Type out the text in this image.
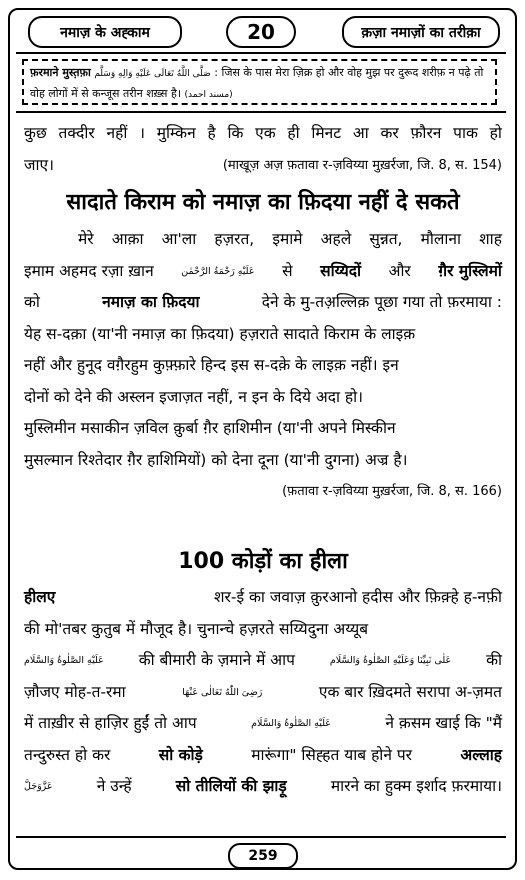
नमाज़ के अह्काम	20	क़ज़ा नमाज़ों का तरीक़ा
फ़रमाने मुस्त़फ़ा صَلَّى اللَّهُ تَعَالَى عَلَيْهِ وَالِهِ وَسَلَّم : जिस के पास मेरा ज़िक्र हो और वोह मुझ पर दुरूद शरीफ़ न पढ़े तो
वोह लोगों में से कन्जूस तरीन शख़्स है। (مسند احمد)
कुछ तक्दीर नहीं । मुम्किन है कि एक ही मिनट आ कर फ़ौरन पाक हो
जाए।	(माखूज़ अज़ फ़तावा र-ज़विय्या मुख़र्रजा, जि. 8, स. 154)
सादाते किराम को नमाज़ का फ़िदया नहीं दे सकते
मेरे आक़ा आ'ला हज़रत, इमामे अहले सुन्नत, मौलाना शाह
इमाम अहमद रज़ा ख़ान	عَلَيْهِ رَحْمَةُ الرَّحْمٰن से सय्यिदों और ग़ैर मुस्लिमों
को	नमाज़ का फ़िदया	देने के मु-तअ़ल्लिक़ पूछा गया तो फ़रमाया :
येह स-दक़ा (या'नी नमाज़ का फ़िदया) हज़राते सादाते किराम के लाइक़
नहीं और हुनूद वग़ैरहुम कुफ़्फ़ारे हिन्द इस स-दक़े के लाइक़ नहीं। इन
दोनों को देने की अस्लन इजाज़त नहीं, न इन के दिये अदा हो।
मुस्लिमीन मसाकीन ज़विल क़ुर्बा ग़ैर हाशिमीन (या'नी अपने मिस्कीन
मुसल्मान रिश्तेदार ग़ैर हाशिमियों) को देना दूना (या'नी दुगना) अज्र है।
(फ़तावा र-ज़विय्या मुख़र्रजा, जि. 8, स. 166)
100 कोड़ों का हीला
हीलए	शर-ई का जवाज़ क़ुरआनो हदीस और फ़िक़्हे ह-नफ़ी
की मो'तबर कुतुब में मौजूद है। चुनान्चे हज़रते सय्यिदुना अय्यूब
عَلَيْهِ الصَّلٰوةُ وَالسَّلَام की बीमारी के ज़माने में आप	عَلٰى نَبِيِّنَا وَعَلَيْهِ الصَّلٰوةُ وَالسَّلَام की
ज़ौजए मोह-त-रमा	رَضِىَ اللّٰهُ تَعَالٰى عَنْهَا	एक बार ख़िदमते सरापा अ-ज़मत
में ताख़ीर से हाज़िर हुईं तो आप	عَلَيْهِ الصَّلٰوةُ وَالسَّلَام	ने क़सम खाई कि "मैं
तन्दुरुस्त हो कर	सो कोड़े	मारूंगा" सिह्हत याब होने पर	अल्लाह
عَزَّوَجَلَّ	ने उन्हें	सो तीलियों की झाड़ू	मारने का हुक्म इर्शाद फ़रमाया।
259
